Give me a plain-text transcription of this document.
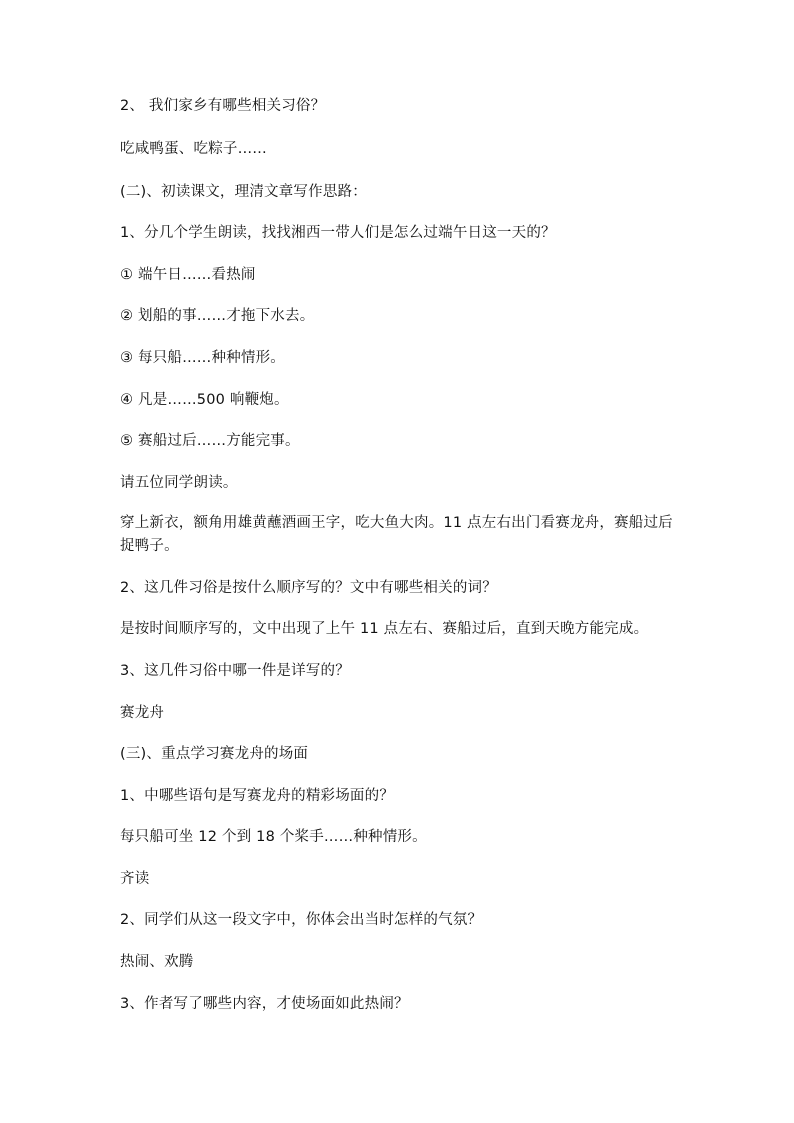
2、 我们家乡有哪些相关习俗？
吃咸鸭蛋、吃粽子……
(二)、初读课文，理清文章写作思路：
1、分几个学生朗读，找找湘西一带人们是怎么过端午日这一天的？
① 端午日……看热闹
② 划船的事……才拖下水去。
③ 每只船……种种情形。
④ 凡是……500 响鞭炮。
⑤ 赛船过后……方能完事。
请五位同学朗读。
穿上新衣，额角用雄黄蘸酒画王字，吃大鱼大肉。11 点左右出门看赛龙舟，赛船过后捉鸭子。
2、这几件习俗是按什么顺序写的？文中有哪些相关的词？
是按时间顺序写的，文中出现了上午 11 点左右、赛船过后，直到天晚方能完成。
3、这几件习俗中哪一件是详写的？
赛龙舟
(三)、重点学习赛龙舟的场面
1、中哪些语句是写赛龙舟的精彩场面的？
每只船可坐 12 个到 18 个桨手……种种情形。
齐读
2、同学们从这一段文字中，你体会出当时怎样的气氛？
热闹、欢腾
3、作者写了哪些内容，才使场面如此热闹？
